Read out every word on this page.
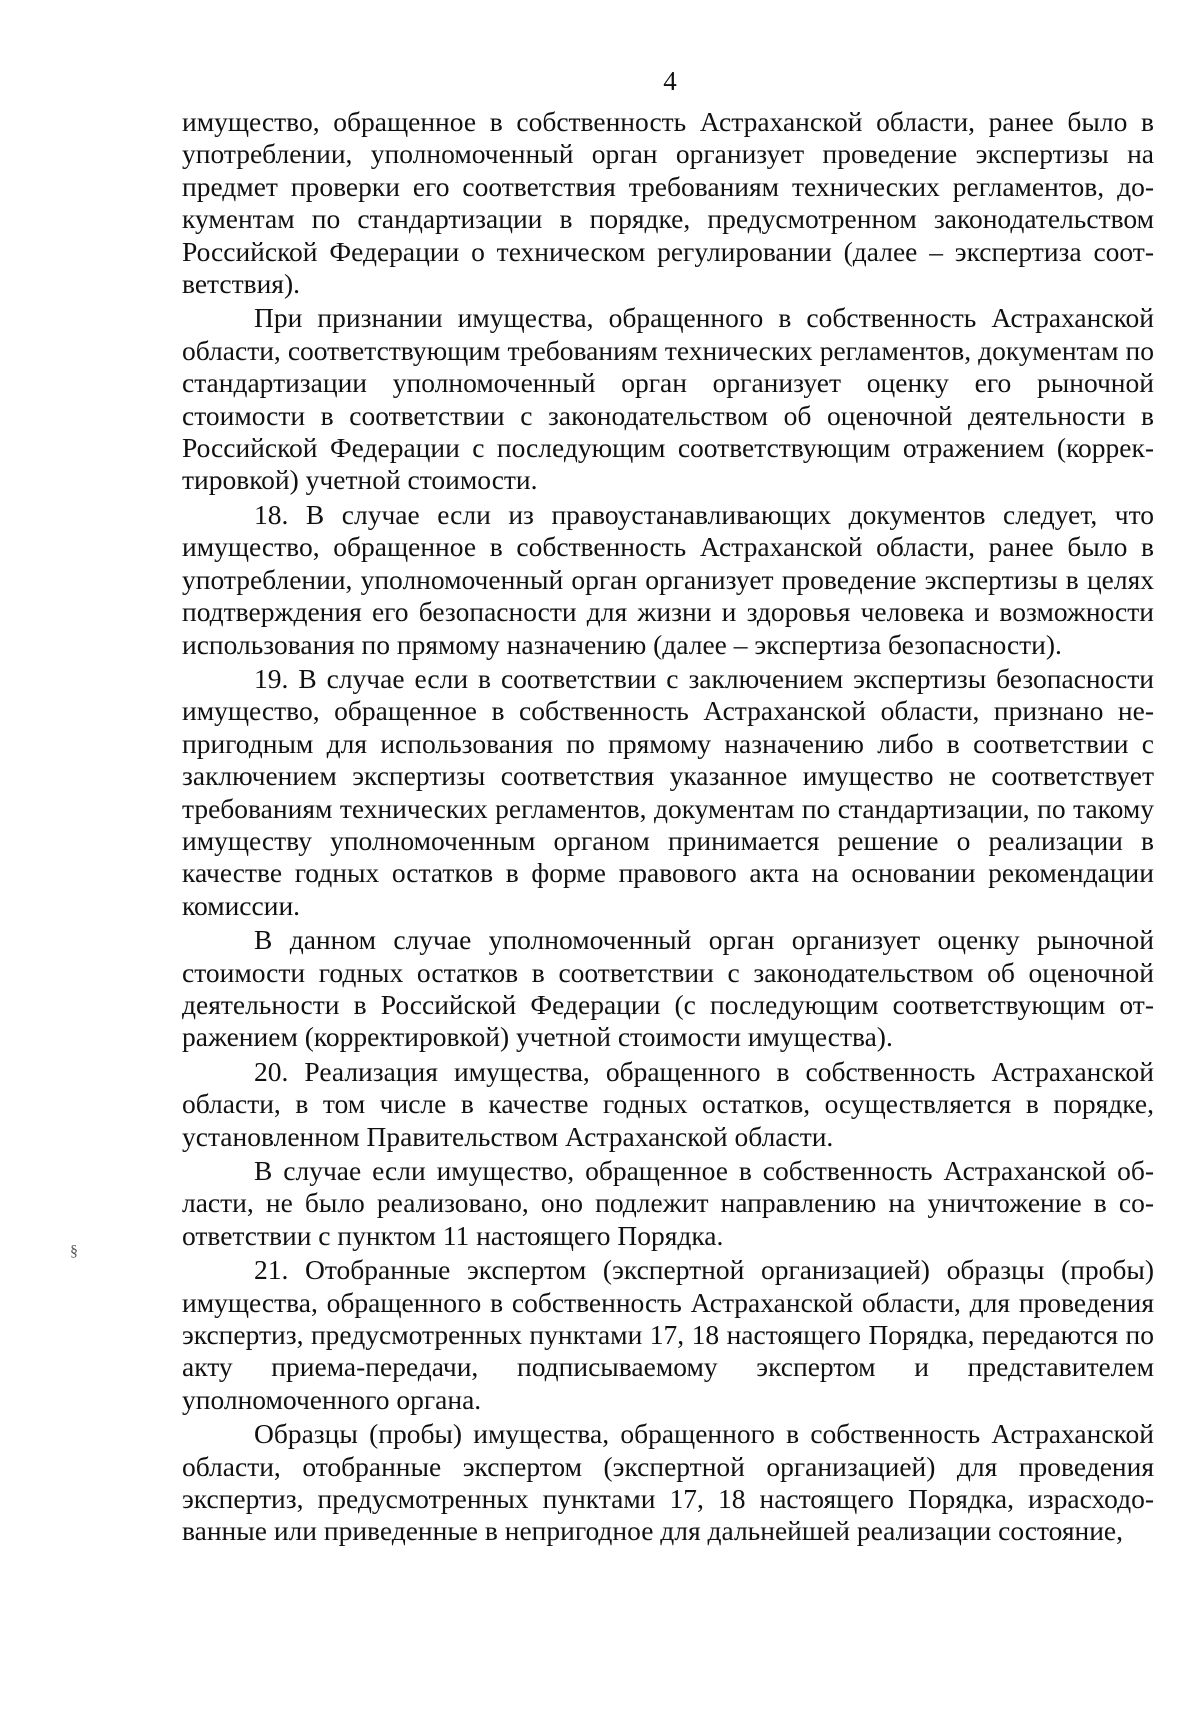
4

имущество, обращенное в собственность Астраханской области, ранее было в употреблении, уполномоченный орган организует проведение экспертизы на предмет проверки его соответствия требованиям технических регламентов, документам по стандартизации в порядке, предусмотренном законодательством Российской Федерации о техническом регулировании (далее – экспертиза соответствия).

При признании имущества, обращенного в собственность Астраханской области, соответствующим требованиям технических регламентов, документам по стандартизации уполномоченный орган организует оценку его рыночной стоимости в соответствии с законодательством об оценочной деятельности в Российской Федерации с последующим соответствующим отражением (корректировкой) учетной стоимости.

18. В случае если из правоустанавливающих документов следует, что имущество, обращенное в собственность Астраханской области, ранее было в употреблении, уполномоченный орган организует проведение экспертизы в целях подтверждения его безопасности для жизни и здоровья человека и возможности использования по прямому назначению (далее – экспертиза безопасности).

19. В случае если в соответствии с заключением экспертизы безопасности имущество, обращенное в собственность Астраханской области, признано непригодным для использования по прямому назначению либо в соответствии с заключением экспертизы соответствия указанное имущество не соответствует требованиям технических регламентов, документам по стандартизации, по такому имуществу уполномоченным органом принимается решение о реализации в качестве годных остатков в форме правового акта на основании рекомендации комиссии.

В данном случае уполномоченный орган организует оценку рыночной стоимости годных остатков в соответствии с законодательством об оценочной деятельности в Российской Федерации (с последующим соответствующим отражением (корректировкой) учетной стоимости имущества).

20. Реализация имущества, обращенного в собственность Астраханской области, в том числе в качестве годных остатков, осуществляется в порядке, установленном Правительством Астраханской области.

В случае если имущество, обращенное в собственность Астраханской области, не было реализовано, оно подлежит направлению на уничтожение в соответствии с пунктом 11 настоящего Порядка.

21. Отобранные экспертом (экспертной организацией) образцы (пробы) имущества, обращенного в собственность Астраханской области, для проведения экспертиз, предусмотренных пунктами 17, 18 настоящего Порядка, передаются по акту приема-передачи, подписываемому экспертом и представителем уполномоченного органа.

Образцы (пробы) имущества, обращенного в собственность Астраханской области, отобранные экспертом (экспертной организацией) для проведения экспертиз, предусмотренных пунктами 17, 18 настоящего Порядка, израсходованные или приведенные в непригодное для дальнейшей реализации состояние,

§
